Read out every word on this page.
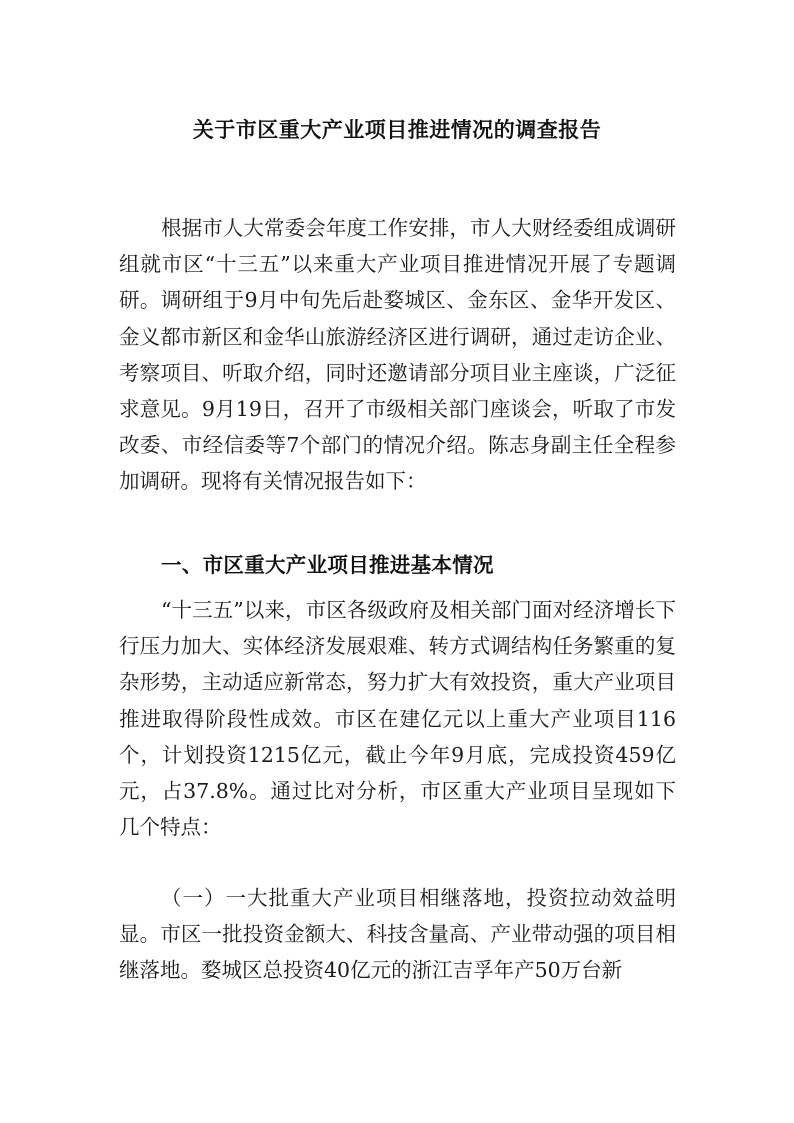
关于市区重大产业项目推进情况的调查报告

根据市人大常委会年度工作安排，市人大财经委组成调研组就市区“十三五”以来重大产业项目推进情况开展了专题调研。调研组于9月中旬先后赴婺城区、金东区、金华开发区、金义都市新区和金华山旅游经济区进行调研，通过走访企业、考察项目、听取介绍，同时还邀请部分项目业主座谈，广泛征求意见。9月19日，召开了市级相关部门座谈会，听取了市发改委、市经信委等7个部门的情况介绍。陈志身副主任全程参加调研。现将有关情况报告如下：

一、市区重大产业项目推进基本情况

“十三五”以来，市区各级政府及相关部门面对经济增长下行压力加大、实体经济发展艰难、转方式调结构任务繁重的复杂形势，主动适应新常态，努力扩大有效投资，重大产业项目推进取得阶段性成效。市区在建亿元以上重大产业项目116个，计划投资1215亿元，截止今年9月底，完成投资459亿元，占37.8%。通过比对分析，市区重大产业项目呈现如下几个特点：

（一）一大批重大产业项目相继落地，投资拉动效益明显。市区一批投资金额大、科技含量高、产业带动强的项目相继落地。婺城区总投资40亿元的浙江吉孚年产50万台新
